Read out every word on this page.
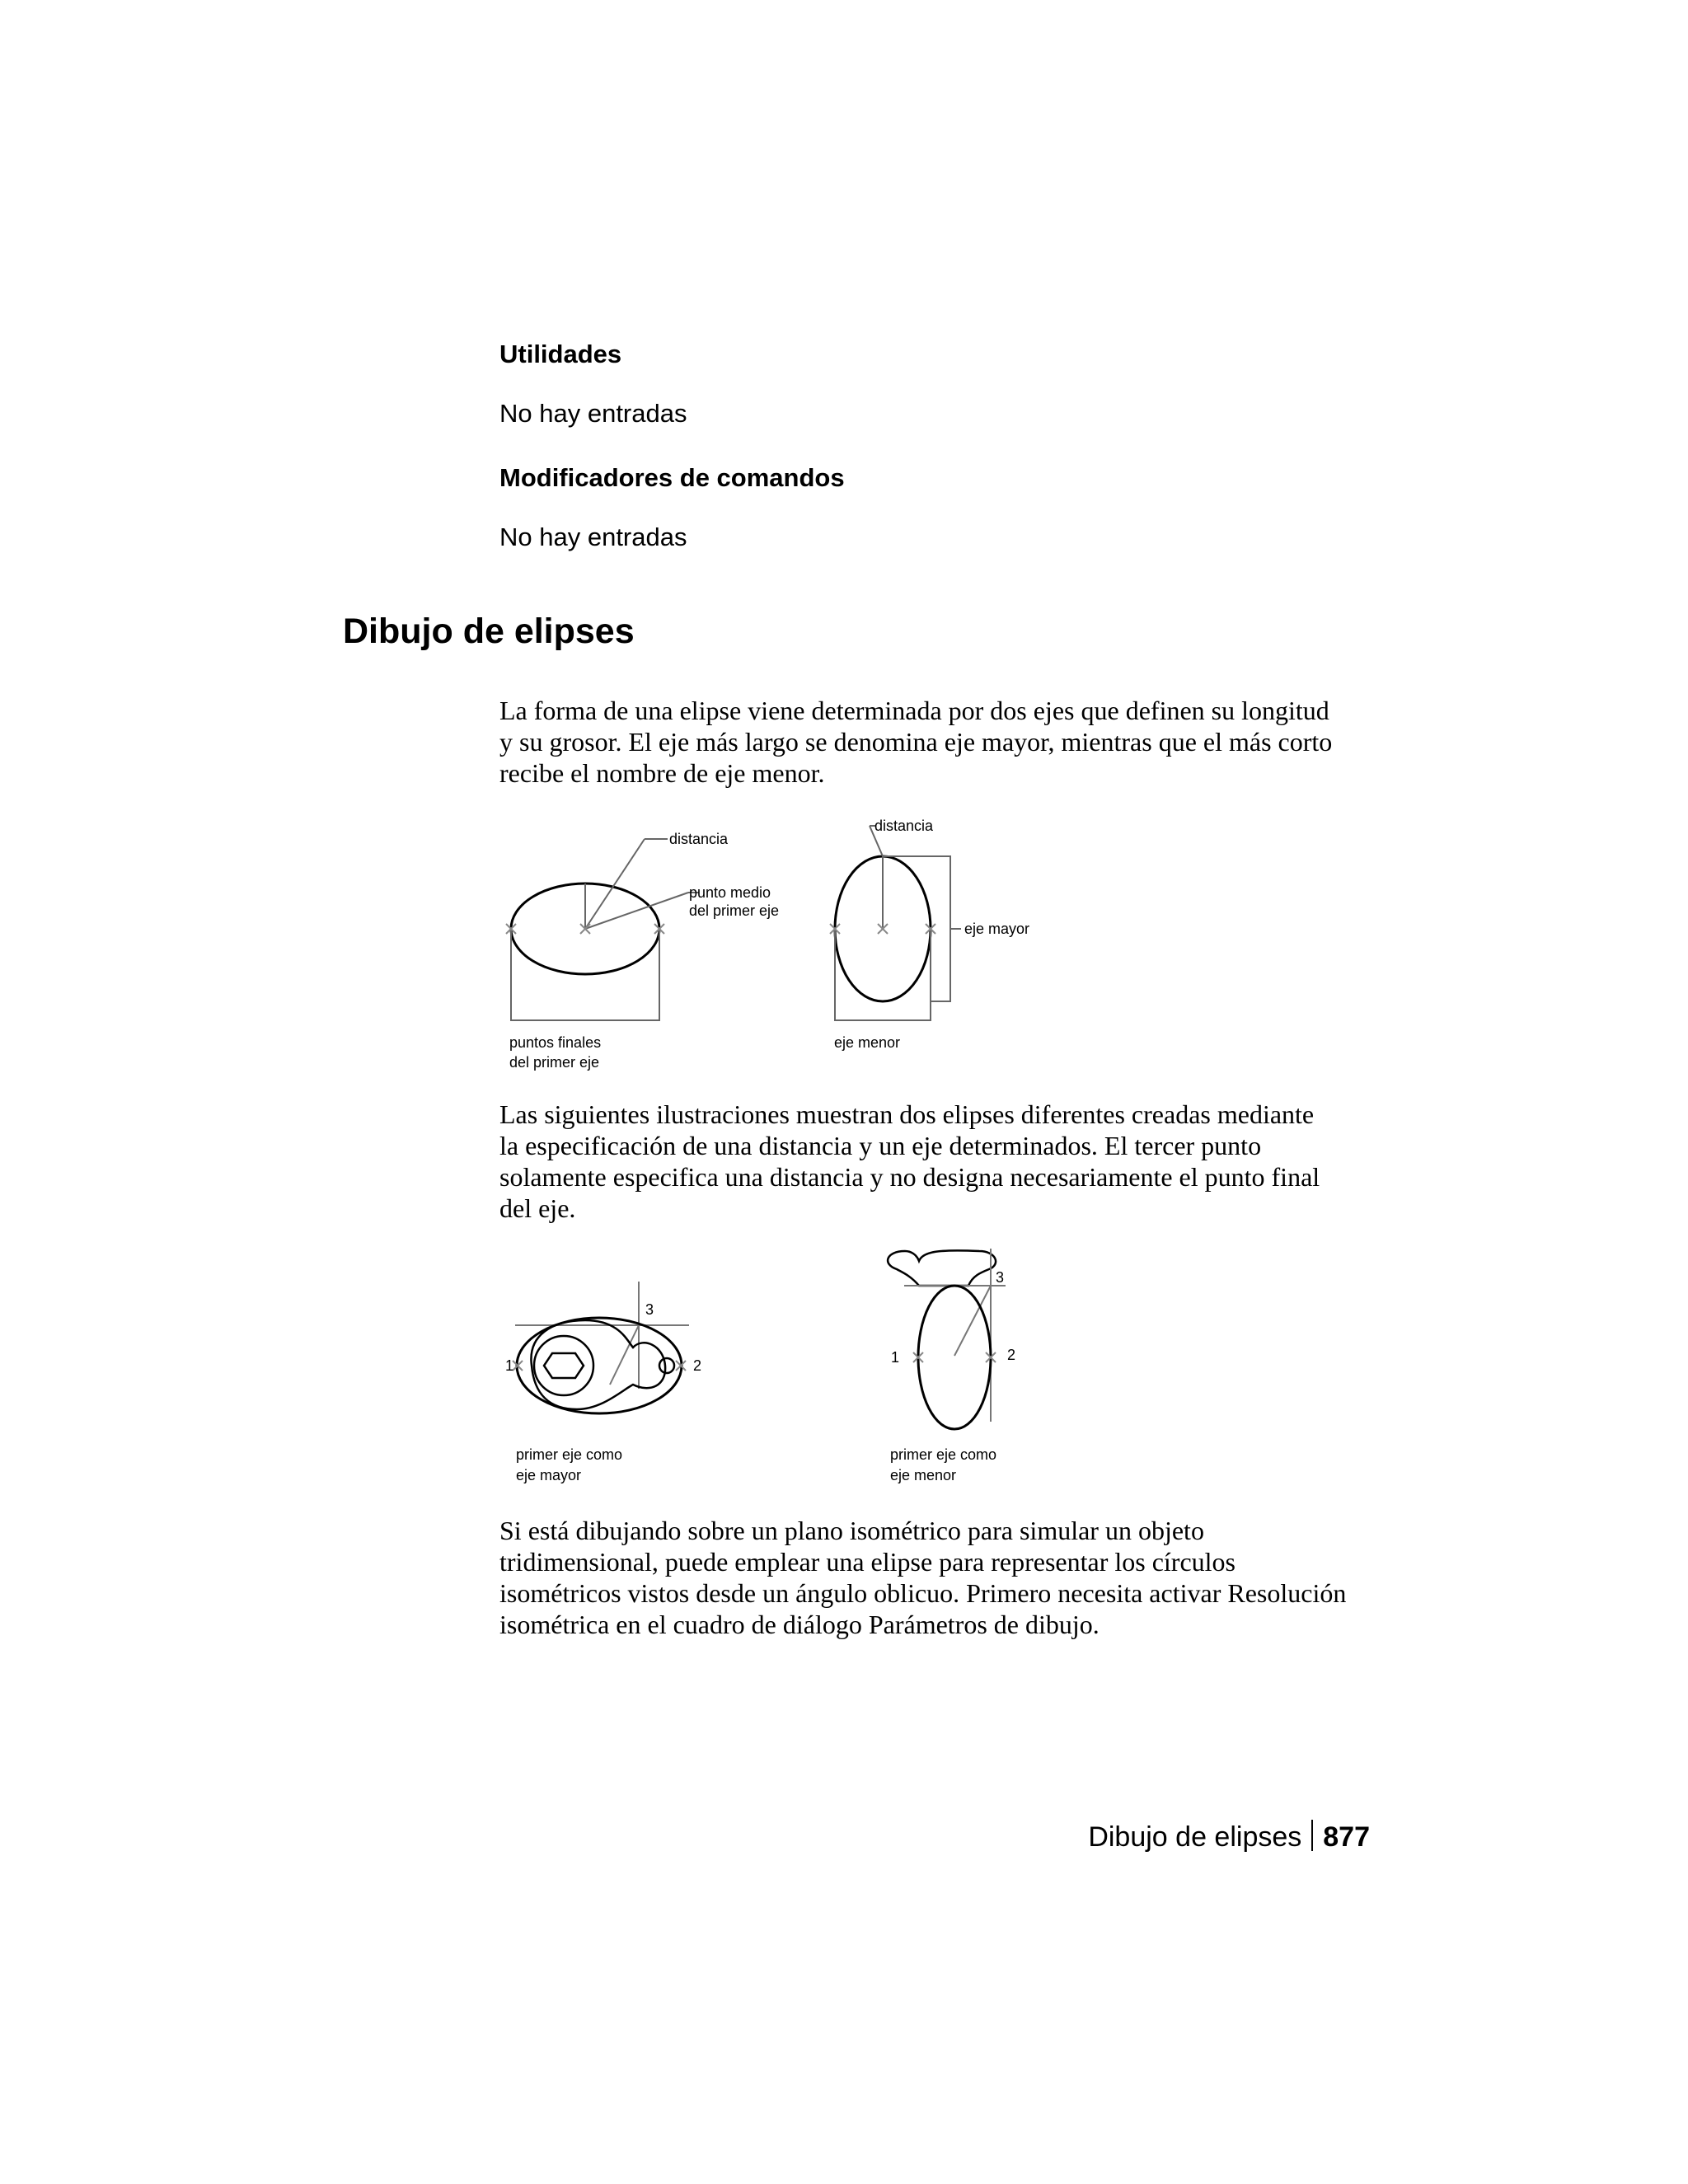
Utilidades

No hay entradas

Modificadores de comandos

No hay entradas

Dibujo de elipses
La forma de una elipse viene determinada por dos ejes que definen su longitud
y su grosor. El eje más largo se denomina eje mayor, mientras que el más corto
recibe el nombre de eje menor.
distancia
punto medio
del primer eje
puntos finales
del primer eje
distancia
eje mayor
eje menor
Las siguientes ilustraciones muestran dos elipses diferentes creadas mediante
la especificación de una distancia y un eje determinados. El tercer punto
solamente especifica una distancia y no designa necesariamente el punto final
del eje.
1	2
3
primer eje como
eje mayor
1	2
3
primer eje como
eje menor
Si está dibujando sobre un plano isométrico para simular un objeto
tridimensional, puede emplear una elipse para representar los círculos
isométricos vistos desde un ángulo oblicuo. Primero necesita activar Resolución
isométrica en el cuadro de diálogo Parámetros de dibujo.
Dibujo de elipses 877
